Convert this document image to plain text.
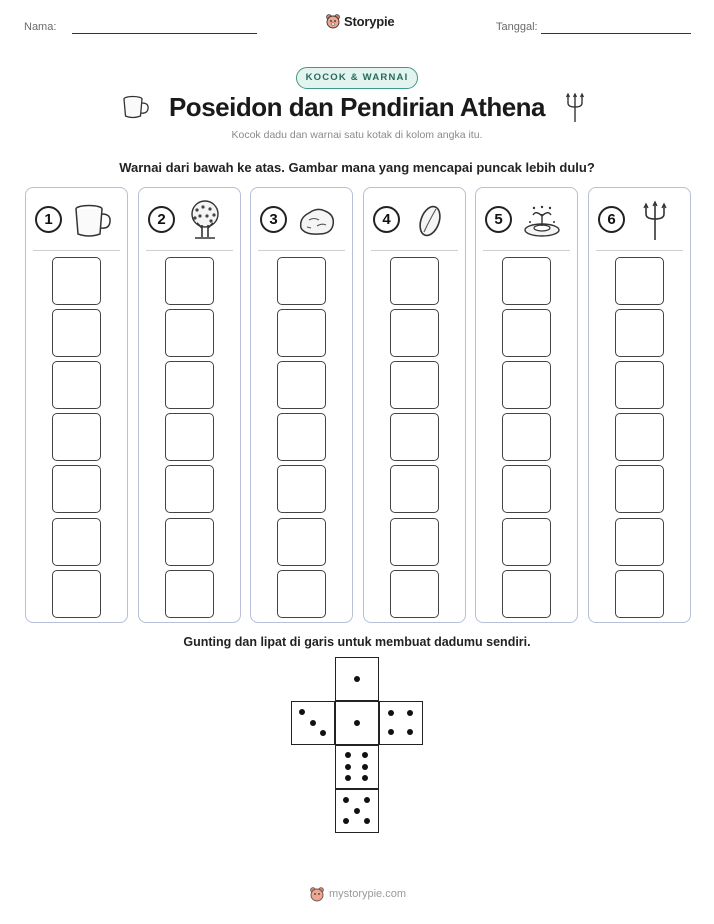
Nama:	Storypie	Tanggal:
KOCOK & WARNAI
Poseidon dan Pendirian Athena
Kocok dadu dan warnai satu kotak di kolom angka itu.
Warnai dari bawah ke atas. Gambar mana yang mencapai puncak lebih dulu?
1	2	3	4	5	6
Gunting dan lipat di garis untuk membuat dadumu sendiri.
mystorypie.com
